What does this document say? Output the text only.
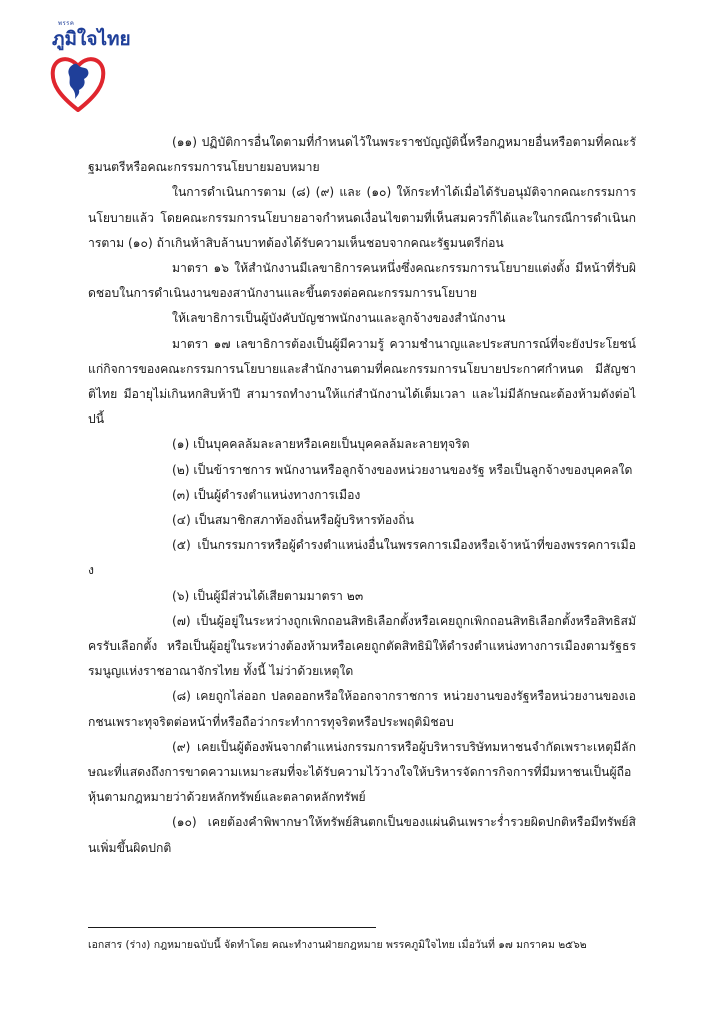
พรรค
ภูมิใจไทย

(๑๑) ปฏิบัติการอื่นใดตามที่กำหนดไว้ในพระราชบัญญัตินี้หรือกฎหมายอื่นหรือตามที่คณะรัฐมนตรีหรือคณะกรรมการนโยบายมอบหมาย

ในการดำเนินการตาม (๘) (๙) และ (๑๐) ให้กระทำได้เมื่อได้รับอนุมัติจากคณะกรรมการนโยบายแล้ว โดยคณะกรรมการนโยบายอาจกำหนดเงื่อนไขตามที่เห็นสมควรก็ได้และในกรณีการดำเนินการตาม (๑๐) ถ้าเกินห้าสิบล้านบาทต้องได้รับความเห็นชอบจากคณะรัฐมนตรีก่อน

มาตรา ๑๖ ให้สำนักงานมีเลขาธิการคนหนึ่งซึ่งคณะกรรมการนโยบายแต่งตั้ง มีหน้าที่รับผิดชอบในการดำเนินงานของสานักงานและขึ้นตรงต่อคณะกรรมการนโยบาย

ให้เลขาธิการเป็นผู้บังคับบัญชาพนักงานและลูกจ้างของสำนักงาน

มาตรา ๑๗ เลขาธิการต้องเป็นผู้มีความรู้ ความชำนาญและประสบการณ์ที่จะยังประโยชน์แก่กิจการของคณะกรรมการนโยบายและสำนักงานตามที่คณะกรรมการนโยบายประกาศกำหนด มีสัญชาติไทย มีอายุไม่เกินหกสิบห้าปี สามารถทำงานให้แก่สำนักงานได้เต็มเวลา และไม่มีลักษณะต้องห้ามดังต่อไปนี้

(๑) เป็นบุคคลล้มละลายหรือเคยเป็นบุคคลล้มละลายทุจริต

(๒) เป็นข้าราชการ พนักงานหรือลูกจ้างของหน่วยงานของรัฐ หรือเป็นลูกจ้างของบุคคลใด

(๓) เป็นผู้ดำรงตำแหน่งทางการเมือง

(๔) เป็นสมาชิกสภาท้องถิ่นหรือผู้บริหารท้องถิ่น

(๕) เป็นกรรมการหรือผู้ดำรงตำแหน่งอื่นในพรรคการเมืองหรือเจ้าหน้าที่ของพรรคการเมือง

(๖) เป็นผู้มีส่วนได้เสียตามมาตรา ๒๓

(๗) เป็นผู้อยู่ในระหว่างถูกเพิกถอนสิทธิเลือกตั้งหรือเคยถูกเพิกถอนสิทธิเลือกตั้งหรือสิทธิสมัครรับเลือกตั้ง หรือเป็นผู้อยู่ในระหว่างต้องห้ามหรือเคยถูกตัดสิทธิมิให้ดำรงตำแหน่งทางการเมืองตามรัฐธรรมนูญแห่งราชอาณาจักรไทย ทั้งนี้ ไม่ว่าด้วยเหตุใด

(๘) เคยถูกไล่ออก ปลดออกหรือให้ออกจากราชการ หน่วยงานของรัฐหรือหน่วยงานของเอกชนเพราะทุจริตต่อหน้าที่หรือถือว่ากระทำการทุจริตหรือประพฤติมิชอบ

(๙) เคยเป็นผู้ต้องพ้นจากตำแหน่งกรรมการหรือผู้บริหารบริษัทมหาชนจำกัดเพราะเหตุมีลักษณะที่แสดงถึงการขาดความเหมาะสมที่จะได้รับความไว้วางใจให้บริหารจัดการกิจการที่มีมหาชนเป็นผู้ถือหุ้นตามกฎหมายว่าด้วยหลักทรัพย์และตลาดหลักทรัพย์

(๑๐) เคยต้องคำพิพากษาให้ทรัพย์สินตกเป็นของแผ่นดินเพราะร่ำรวยผิดปกติหรือมีทรัพย์สินเพิ่มขึ้นผิดปกติ

เอกสาร (ร่าง) กฎหมายฉบับนี้ จัดทำโดย คณะทำงานฝ่ายกฎหมาย พรรคภูมิใจไทย เมื่อวันที่ ๑๗ มกราคม ๒๕๖๒
